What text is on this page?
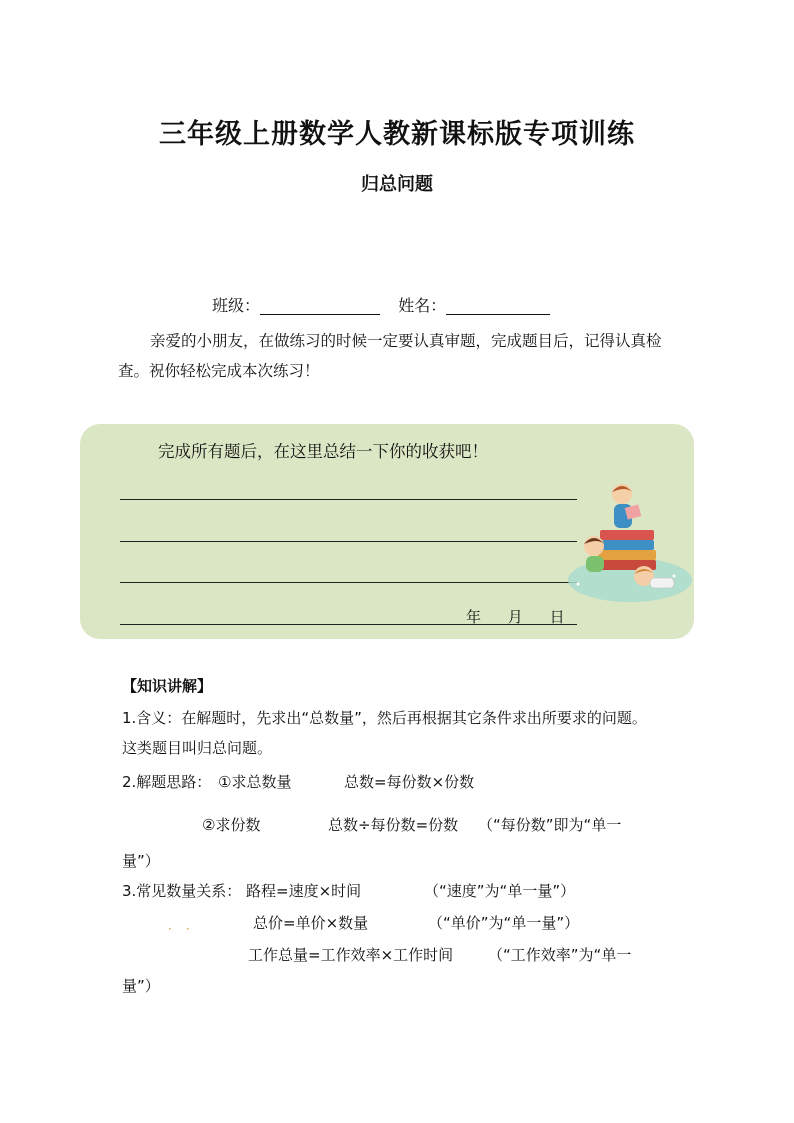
三年级上册数学人教新课标版专项训练
归总问题
班级：	姓名：
亲爱的小朋友，在做练习的时候一定要认真审题，完成题目后，记得认真检
查。祝你轻松完成本次练习！
完成所有题后，在这里总结一下你的收获吧！
年 月 日
【知识讲解】
1.含义：在解题时，先求出“总数量”，然后再根据其它条件求出所要求的问题。
这类题目叫归总问题。
2.解题思路： ①求总数量	总数=每份数×份数
②求份数	总数÷每份数=份数 （“每份数”即为“单一
量”）
3.常见数量关系： 路程=速度×时间	（“速度”为“单一量”）
··	总价=单价×数量	（“单价”为“单一量”）
工作总量=工作效率×工作时间 （“工作效率”为“单一
量”）
